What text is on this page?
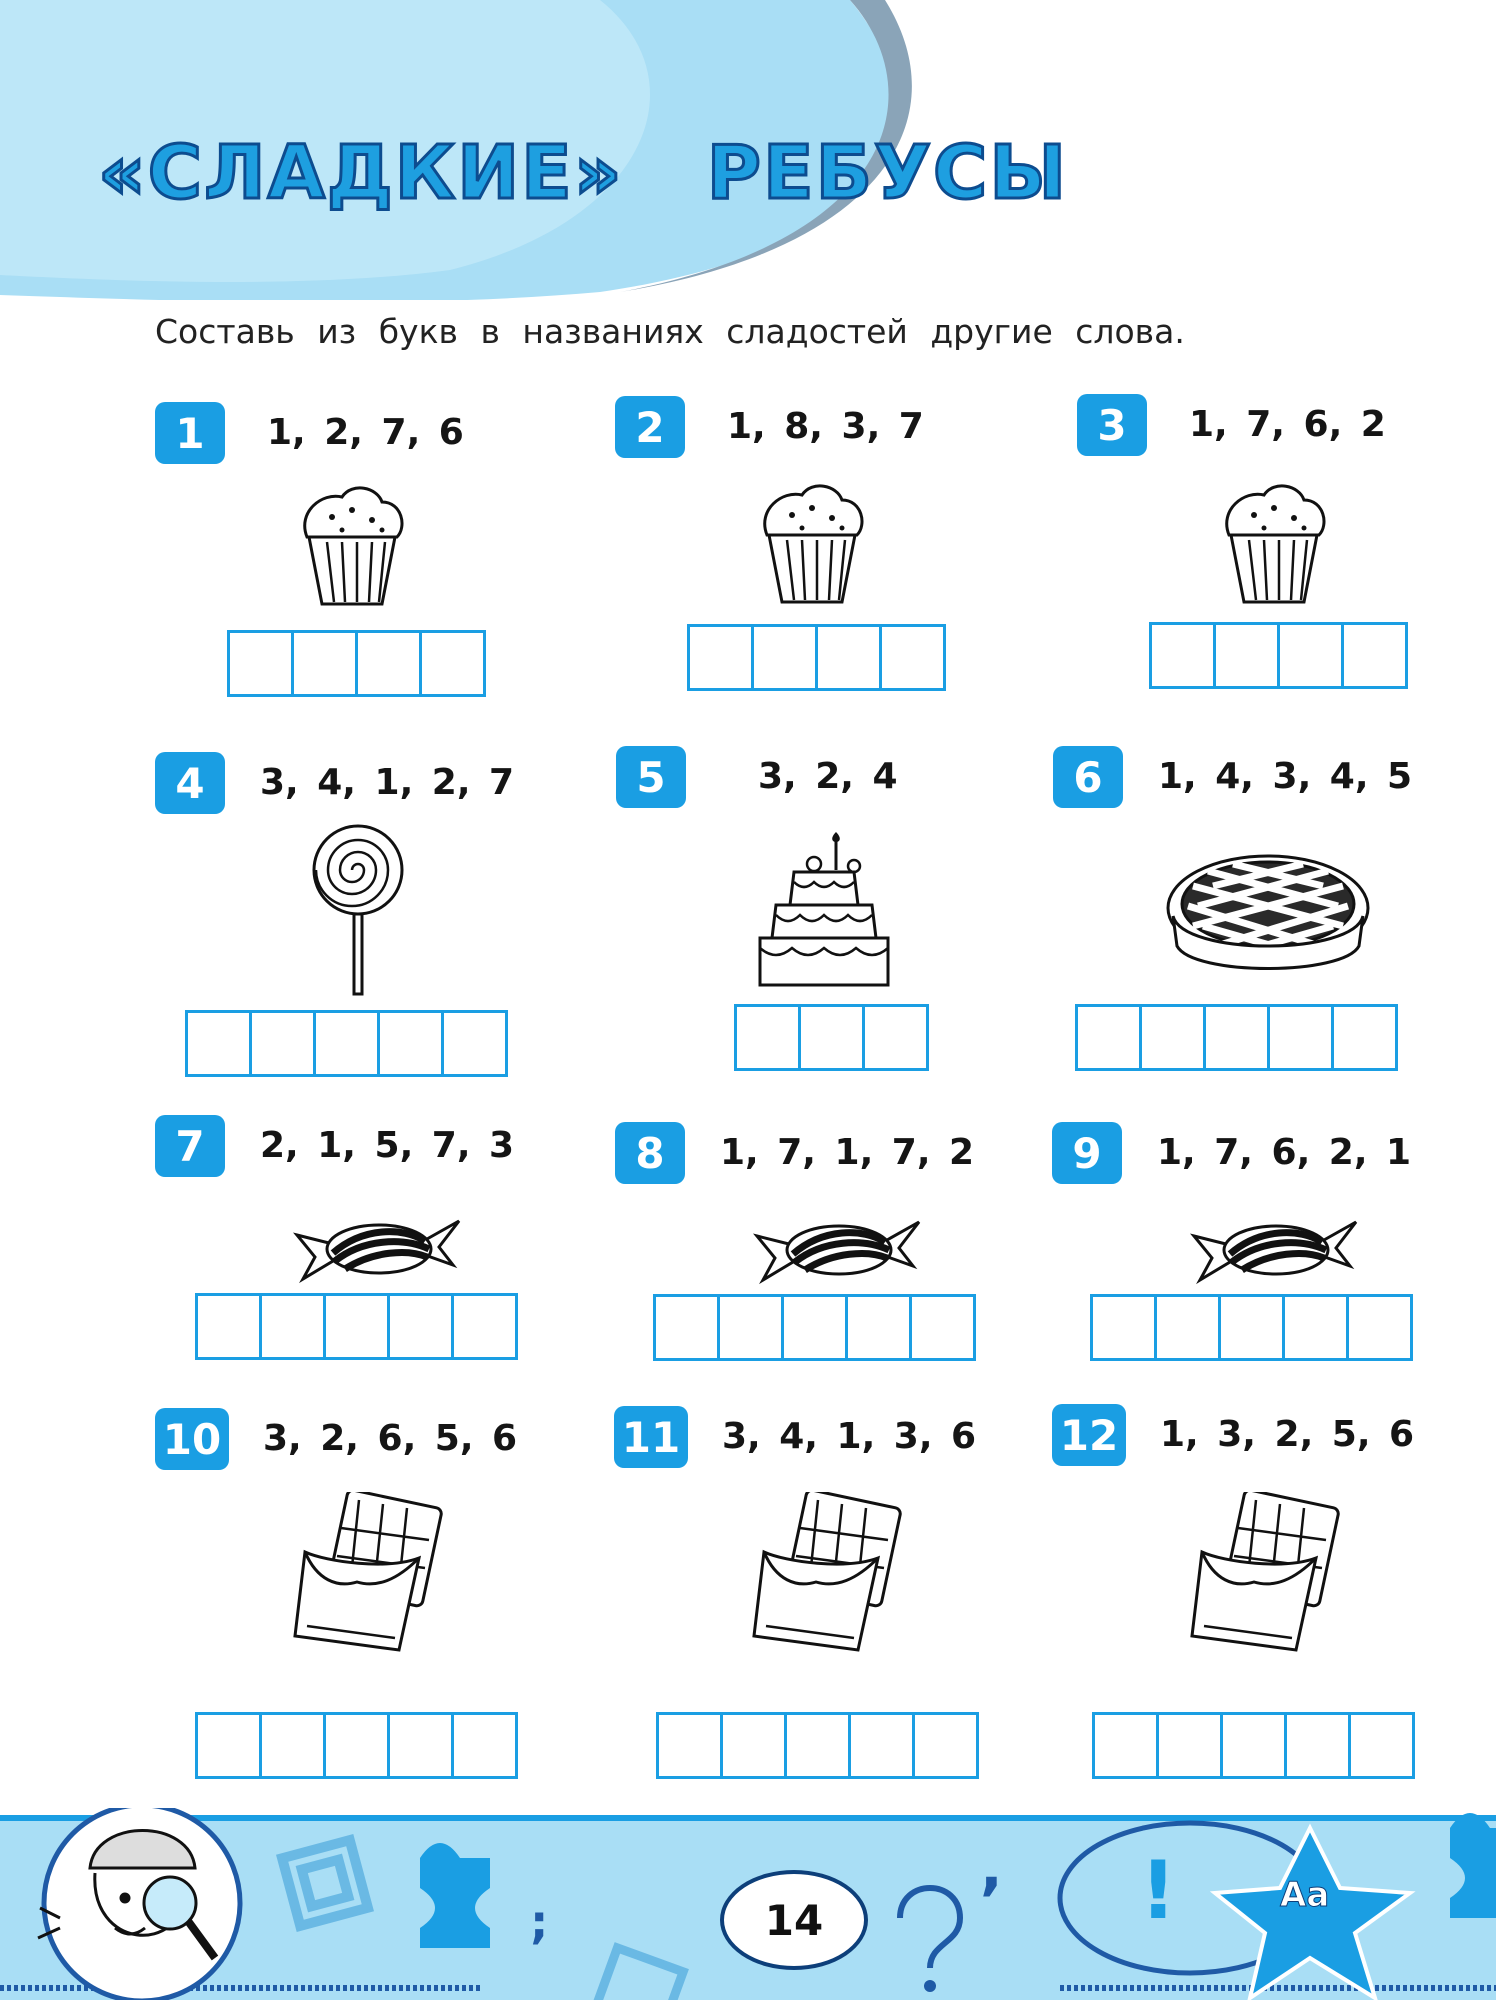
«СЛАДКИЕ»   РЕБУСЫ
Составь из букв в названиях сладостей другие слова.
1	1, 2, 7, 6	2	1, 8, 3, 7	3	1, 7, 6, 2
4	3, 4, 1, 2, 7	5	3, 2, 4	6	1, 4, 3, 4, 5
7	2, 1, 5, 7, 3	8	1, 7, 1, 7, 2	9	1, 7, 6, 2, 1
10 3, 2, 6, 5, 6 11 3, 4, 1, 3, 6 12 1, 3, 2, 5, 6
;
, !
14
Аа
